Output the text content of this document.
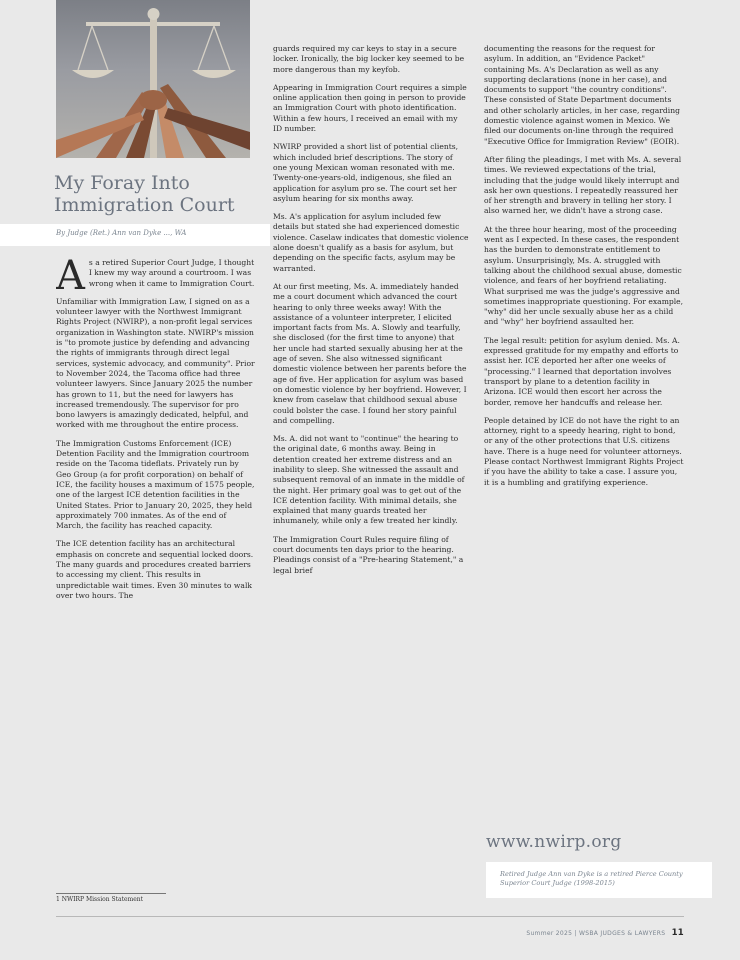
My Foray Into Immigration Court
By Judge (Ret.) Ann van Dyke ..., WA

A s a retired Superior Court Judge, I thought I knew my way around a courtroom. I was wrong when it came to Immigration Court.

Unfamiliar with Immigration Law, I signed on as a volunteer lawyer with the Northwest Immigrant Rights Project (NWIRP), a non-profit legal services organization in Washington state. NWIRP's mission is "to promote justice by defending and advancing the rights of immigrants through direct legal services, systemic advocacy, and community". Prior to November 2024, the Tacoma office had three volunteer lawyers. Since January 2025 the number has grown to 11, but the need for lawyers has increased tremendously. The supervisor for pro bono lawyers is amazingly dedicated, helpful, and worked with me throughout the entire process.

The Immigration Customs Enforcement (ICE) Detention Facility and the Immigration courtroom reside on the Tacoma tideflats. Privately run by Geo Group (a for profit corporation) on behalf of ICE, the facility houses a maximum of 1575 people, one of the largest ICE detention facilities in the United States. Prior to January 20, 2025, they held approximately 700 inmates. As of the end of March, the facility has reached capacity.

The ICE detention facility has an architectural emphasis on concrete and sequential locked doors. The many guards and procedures created barriers to accessing my client. This results in unpredictable wait times. Even 30 minutes to walk over two hours. The

guards required my car keys to stay in a secure locker. Ironically, the big locker key seemed to be more dangerous than my keyfob.

Appearing in Immigration Court requires a simple online application then going in person to provide an Immigration Court with photo identification. Within a few hours, I received an email with my ID number.

NWIRP provided a short list of potential clients, which included brief descriptions. The story of one young Mexican woman resonated with me. Twenty-one-years-old, indigenous, she filed an application for asylum pro se. The court set her asylum hearing for six months away.

Ms. A's application for asylum included few details but stated she had experienced domestic violence. Caselaw indicates that domestic violence alone doesn't qualify as a basis for asylum, but depending on the specific facts, asylum may be warranted.

At our first meeting, Ms. A. immediately handed me a court document which advanced the court hearing to only three weeks away! With the assistance of a volunteer interpreter, I elicited important facts from Ms. A. Slowly and tearfully, she disclosed (for the first time to anyone) that her uncle had started sexually abusing her at the age of seven. She also witnessed significant domestic violence between her parents before the age of five. Her application for asylum was based on domestic violence by her boyfriend. However, I knew from caselaw that childhood sexual abuse could bolster the case. I found her story painful and compelling.

Ms. A. did not want to "continue" the hearing to the original date, 6 months away. Being in detention created her extreme distress and an inability to sleep. She witnessed the assault and subsequent removal of an inmate in the middle of the night. Her primary goal was to get out of the ICE detention facility. With minimal details, she explained that many guards treated her inhumanely, while only a few treated her kindly.

The Immigration Court Rules require filing of court documents ten days prior to the hearing. Pleadings consist of a "Pre-hearing Statement," a legal brief

documenting the reasons for the request for asylum. In addition, an "Evidence Packet" containing Ms. A's Declaration as well as any supporting declarations (none in her case), and documents to support "the country conditions". These consisted of State Department documents and other scholarly articles, in her case, regarding domestic violence against women in Mexico. We filed our documents on-line through the required "Executive Office for Immigration Review" (EOIR).

After filing the pleadings, I met with Ms. A. several times. We reviewed expectations of the trial, including that the judge would likely interrupt and ask her own questions. I repeatedly reassured her of her strength and bravery in telling her story. I also warned her, we didn't have a strong case.

At the three hour hearing, most of the proceeding went as I expected. In these cases, the respondent has the burden to demonstrate entitlement to asylum. Unsurprisingly, Ms. A. struggled with talking about the childhood sexual abuse, domestic violence, and fears of her boyfriend retaliating. What surprised me was the judge's aggressive and sometimes inappropriate questioning. For example, "why" did her uncle sexually abuse her as a child and "why" her boyfriend assaulted her.

The legal result: petition for asylum denied. Ms. A. expressed gratitude for my empathy and efforts to assist her. ICE deported her after one weeks of "processing." I learned that deportation involves transport by plane to a detention facility in Arizona. ICE would then escort her across the border, remove her handcuffs and release her.

People detained by ICE do not have the right to an attorney, right to a speedy hearing, right to bond, or any of the other protections that U.S. citizens have. There is a huge need for volunteer attorneys. Please contact Northwest Immigrant Rights Project if you have the ability to take a case. I assure you, it is a humbling and gratifying experience.

1 NWIRP Mission Statement
www.nwirp.org
Retired Judge Ann van Dyke is a retired Pierce County Superior Court Judge (1998-2015)
Summer 2025 | WSBA JUDGES & LAWYERS 11
